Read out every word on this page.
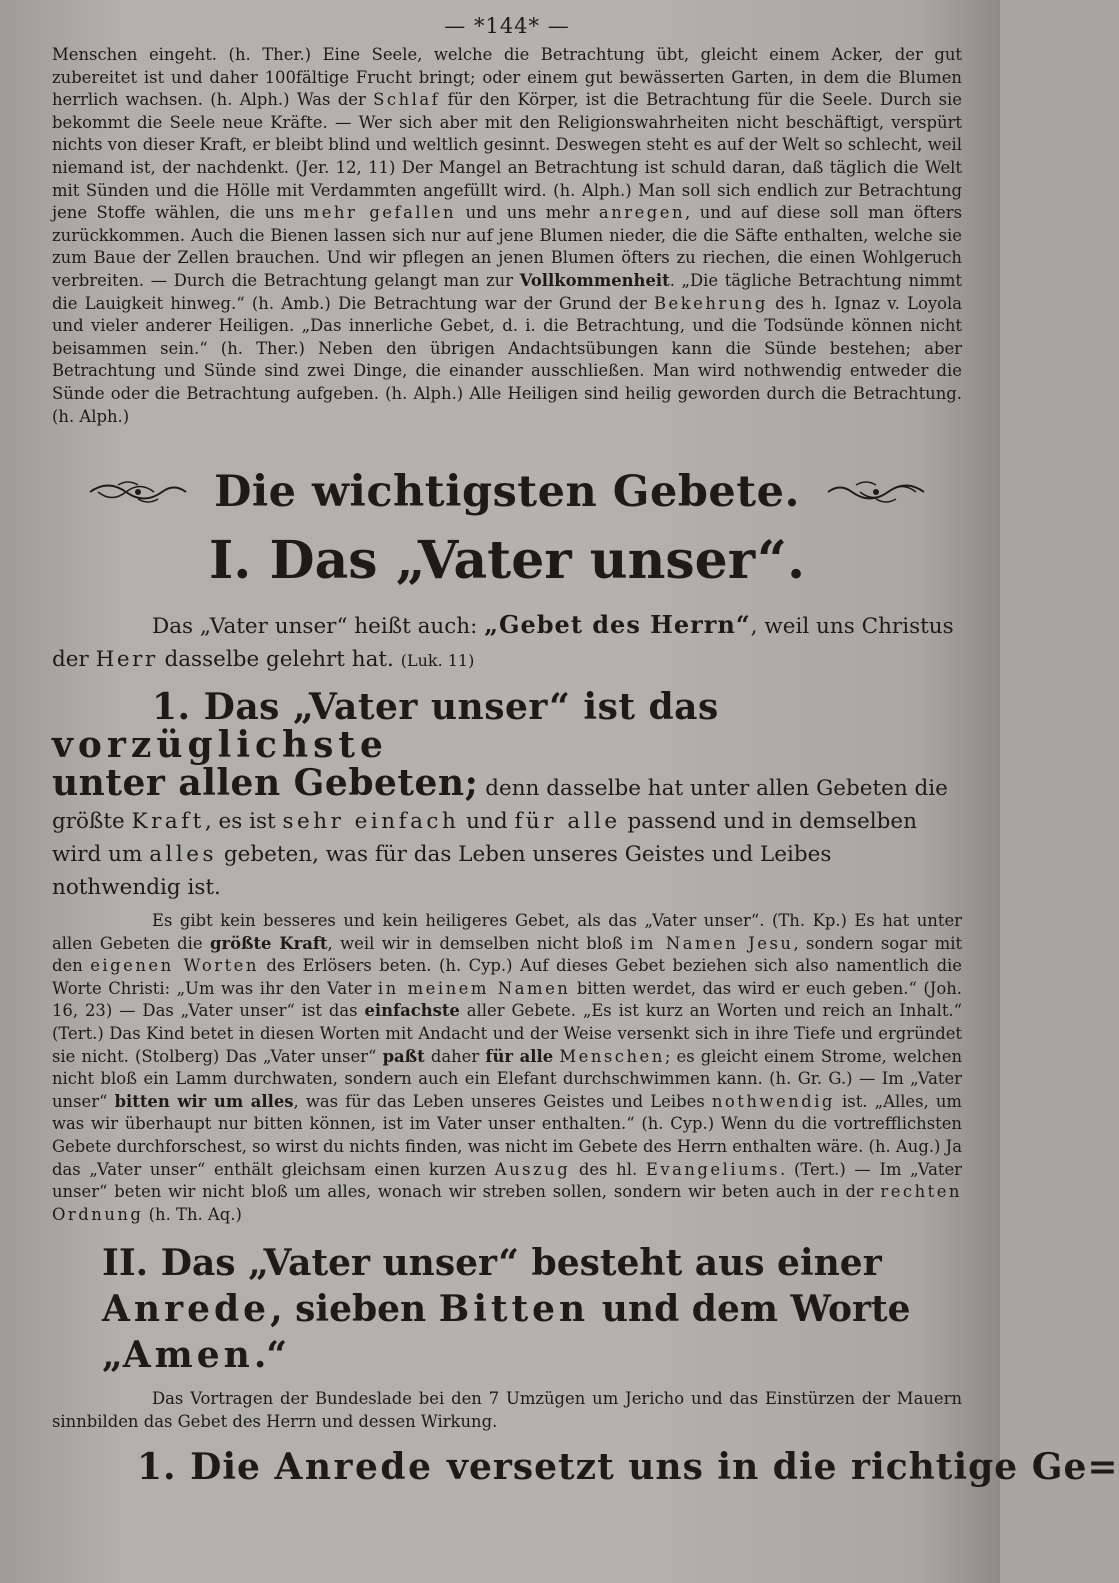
— *144* —

Menschen eingeht. (h. Ther.) Eine Seele, welche die Betrachtung übt, gleicht einem Acker, der gut zubereitet ist und daher 100fältige Frucht bringt; oder einem gut bewässerten Garten, in dem die Blumen herrlich wachsen. (h. Alph.) Was der Schlaf für den Körper, ist die Betrachtung für die Seele. Durch sie bekommt die Seele neue Kräfte. — Wer sich aber mit den Religionswahrheiten nicht beschäftigt, verspürt nichts von dieser Kraft, er bleibt blind und weltlich gesinnt. Deswegen steht es auf der Welt so schlecht, weil niemand ist, der nachdenkt. (Jer. 12, 11) Der Mangel an Betrachtung ist schuld daran, daß täglich die Welt mit Sünden und die Hölle mit Verdammten angefüllt wird. (h. Alph.) Man soll sich endlich zur Betrachtung jene Stoffe wählen, die uns mehr gefallen und uns mehr anregen, und auf diese soll man öfters zurückkommen. Auch die Bienen lassen sich nur auf jene Blumen nieder, die die Säfte enthalten, welche sie zum Baue der Zellen brauchen. Und wir pflegen an jenen Blumen öfters zu riechen, die einen Wohlgeruch verbreiten. — Durch die Betrachtung gelangt man zur Vollkommenheit. „Die tägliche Betrachtung nimmt die Lauigkeit hinweg.“ (h. Amb.) Die Betrachtung war der Grund der Bekehrung des h. Ignaz v. Loyola und vieler anderer Heiligen. „Das innerliche Gebet, d. i. die Betrachtung, und die Todsünde können nicht beisammen sein.“ (h. Ther.) Neben den übrigen Andachtsübungen kann die Sünde bestehen; aber Betrachtung und Sünde sind zwei Dinge, die einander ausschließen. Man wird nothwendig entweder die Sünde oder die Betrachtung aufgeben. (h. Alph.) Alle Heiligen sind heilig geworden durch die Betrachtung. (h. Alph.)

Die wichtigsten Gebete.
I. Das „Vater unser“.

Das „Vater unser“ heißt auch: „Gebet des Herrn“, weil uns Christus der Herr dasselbe gelehrt hat. (Luk. 11)

1. Das „Vater unser“ ist das vorzüglichste
unter allen Gebeten; denn dasselbe hat unter allen Gebeten die größte Kraft, es ist sehr einfach und für alle passend und in demselben wird um alles gebeten, was für das Leben unseres Geistes und Leibes nothwendig ist.

Es gibt kein besseres und kein heiligeres Gebet, als das „Vater unser“. (Th. Kp.) Es hat unter allen Gebeten die größte Kraft, weil wir in demselben nicht bloß im Namen Jesu, sondern sogar mit den eigenen Worten des Erlösers beten. (h. Cyp.) Auf dieses Gebet beziehen sich also namentlich die Worte Christi: „Um was ihr den Vater in meinem Namen bitten werdet, das wird er euch geben.“ (Joh. 16, 23) — Das „Vater unser“ ist das einfachste aller Gebete. „Es ist kurz an Worten und reich an Inhalt.“ (Tert.) Das Kind betet in diesen Worten mit Andacht und der Weise versenkt sich in ihre Tiefe und ergründet sie nicht. (Stolberg) Das „Vater unser“ paßt daher für alle Menschen; es gleicht einem Strome, welchen nicht bloß ein Lamm durchwaten, sondern auch ein Elefant durchschwimmen kann. (h. Gr. G.) — Im „Vater unser“ bitten wir um alles, was für das Leben unseres Geistes und Leibes nothwendig ist. „Alles, um was wir überhaupt nur bitten können, ist im Vater unser enthalten.“ (h. Cyp.) Wenn du die vortrefflichsten Gebete durchforschest, so wirst du nichts finden, was nicht im Gebete des Herrn enthalten wäre. (h. Aug.) Ja das „Vater unser“ enthält gleichsam einen kurzen Auszug des hl. Evangeliums. (Tert.) — Im „Vater unser“ beten wir nicht bloß um alles, wonach wir streben sollen, sondern wir beten auch in der rechten Ordnung (h. Th. Aq.)

II. Das „Vater unser“ besteht aus einer Anrede, sieben Bitten und dem Worte „Amen.“

Das Vortragen der Bundeslade bei den 7 Umzügen um Jericho und das Einstürzen der Mauern sinnbilden das Gebet des Herrn und dessen Wirkung.

1. Die Anrede versetzt uns in die richtige Ge=
